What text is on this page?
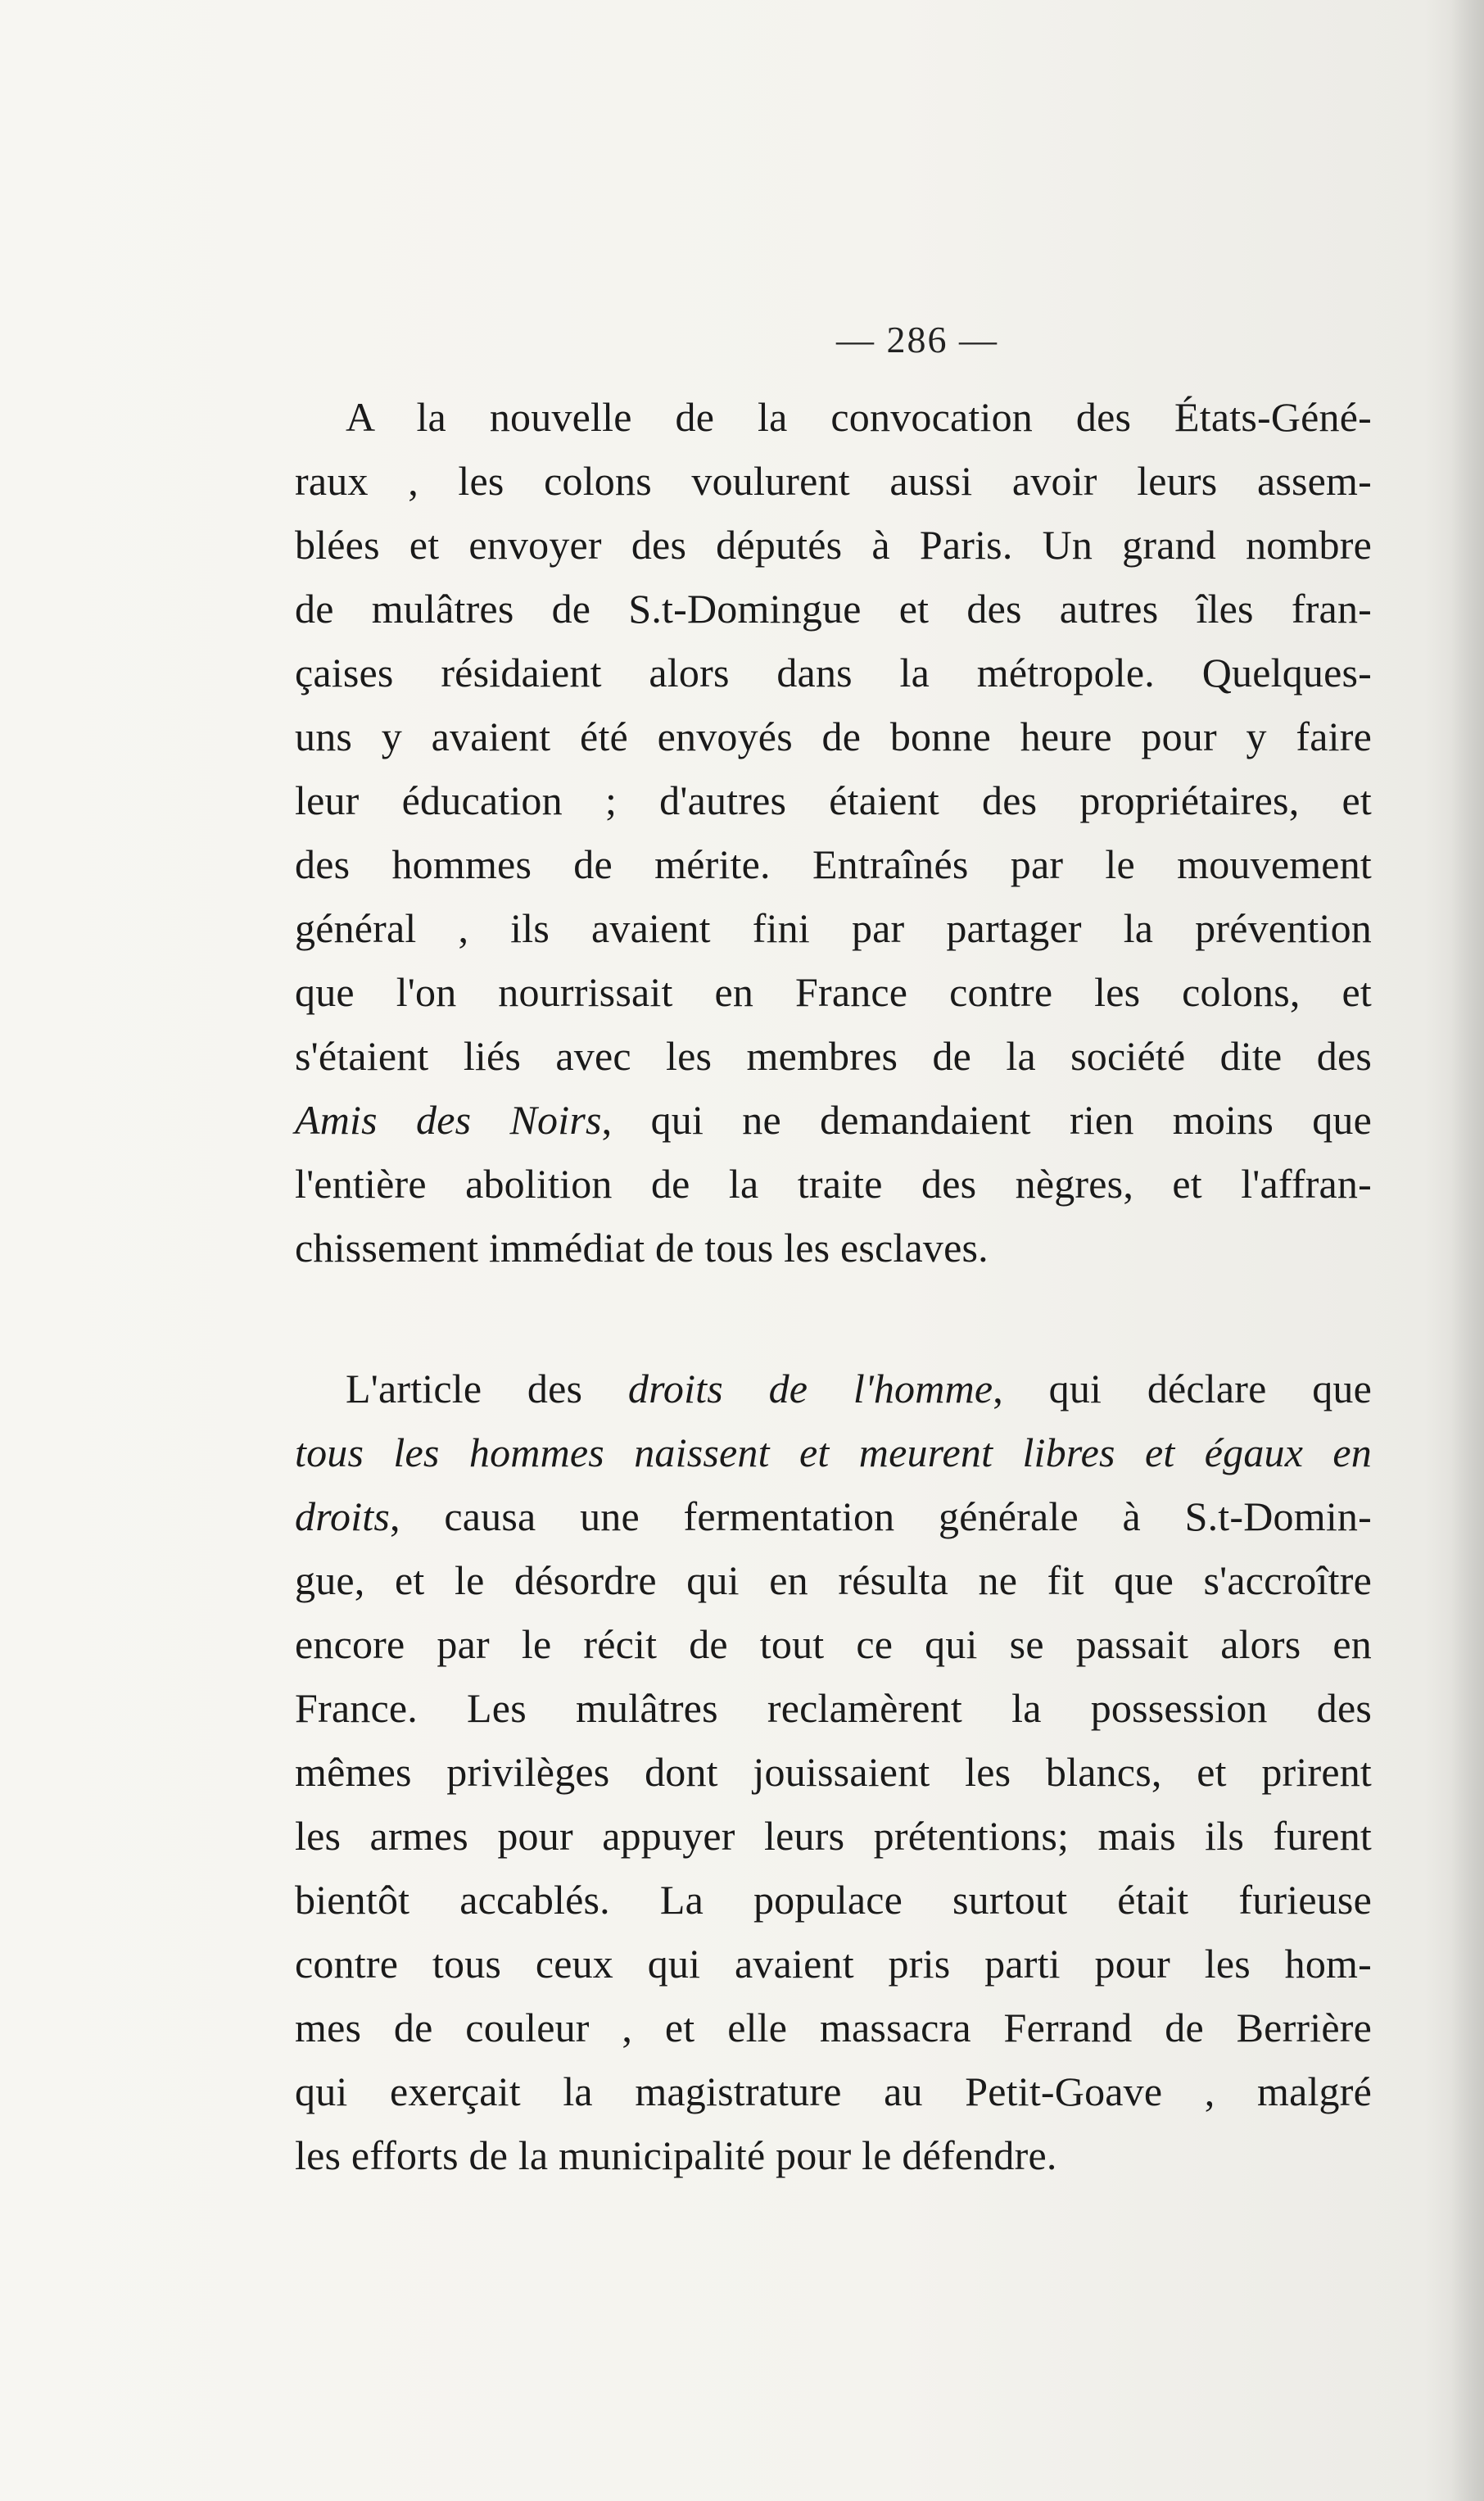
— 286 —
A la nouvelle de la convocation des États-Géné-
raux , les colons voulurent aussi avoir leurs assem-
blées et envoyer des députés à Paris. Un grand nombre
de mulâtres de S.t-Domingue et des autres îles fran-
çaises résidaient alors dans la métropole. Quelques-
uns y avaient été envoyés de bonne heure pour y faire
leur éducation ; d'autres étaient des propriétaires, et
des hommes de mérite. Entraînés par le mouvement
général , ils avaient fini par partager la prévention
que l'on nourrissait en France contre les colons, et
s'étaient liés avec les membres de la société dite des
Amis des Noirs, qui ne demandaient rien moins que
l'entière abolition de la traite des nègres, et l'affran-
chissement immédiat de tous les esclaves.
L'article des droits de l'homme, qui déclare que
tous les hommes naissent et meurent libres et égaux en
droits, causa une fermentation générale à S.t-Domin-
gue, et le désordre qui en résulta ne fit que s'accroître
encore par le récit de tout ce qui se passait alors en
France. Les mulâtres reclamèrent la possession des
mêmes privilèges dont jouissaient les blancs, et prirent
les armes pour appuyer leurs prétentions; mais ils furent
bientôt accablés. La populace surtout était furieuse
contre tous ceux qui avaient pris parti pour les hom-
mes de couleur , et elle massacra Ferrand de Berrière
qui exerçait la magistrature au Petit-Goave , malgré
les efforts de la municipalité pour le défendre.
